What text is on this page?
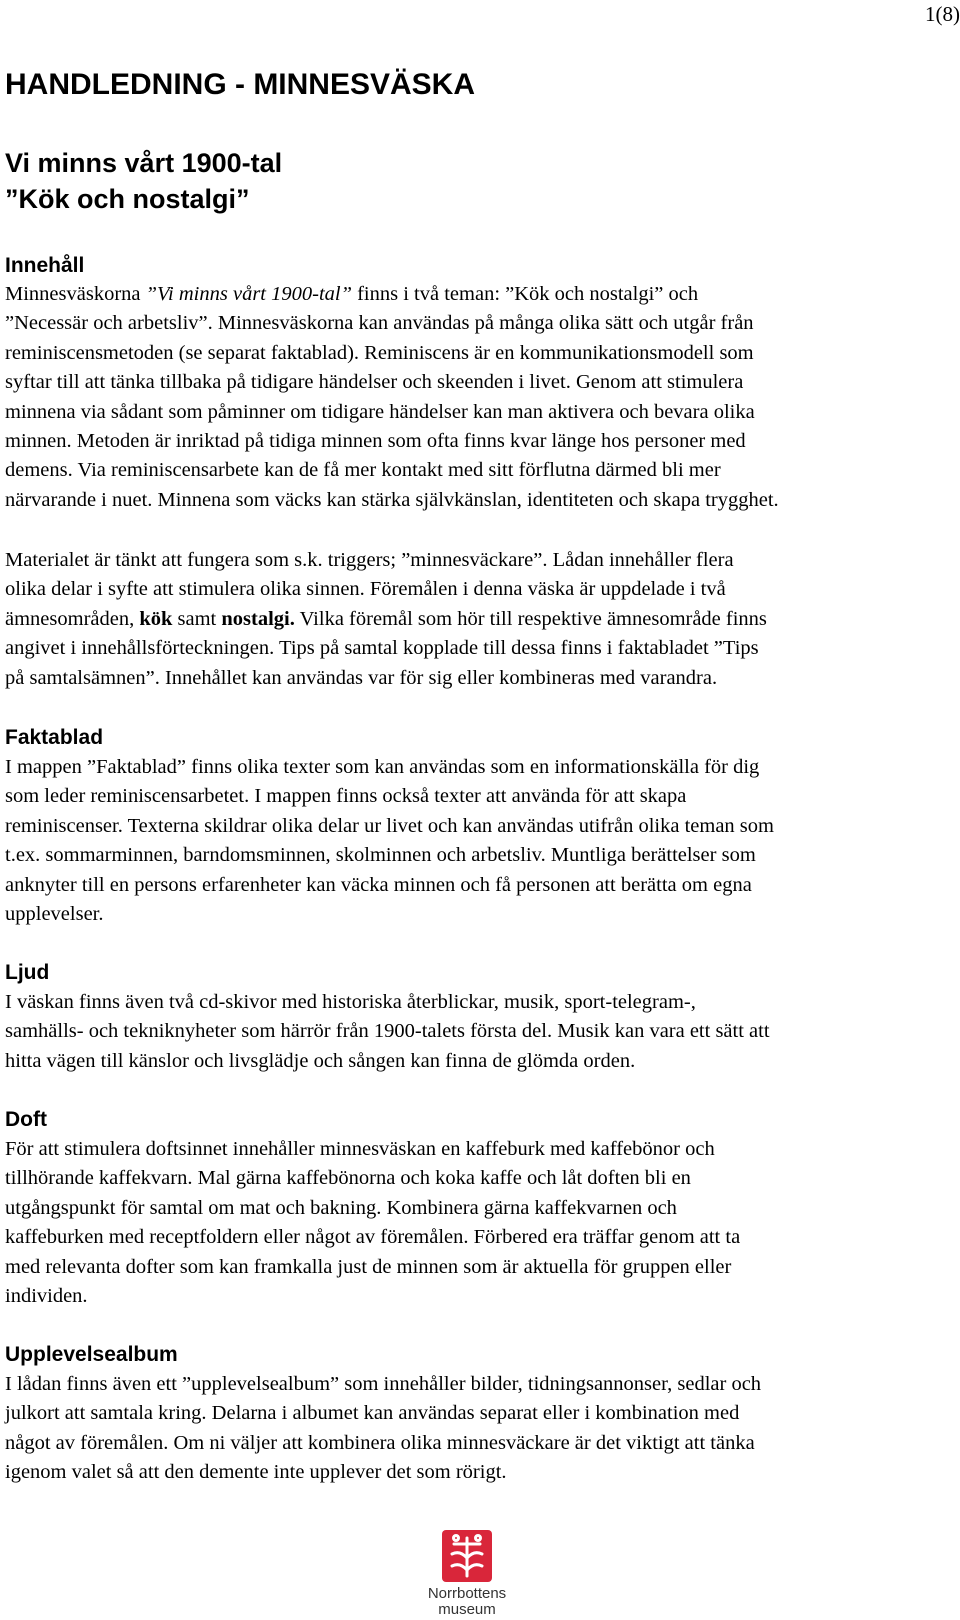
1(8)
HANDLEDNING - MINNESVÄSKA
Vi minns vårt 1900-tal
”Kök och nostalgi”
Innehåll
Minnesväskorna ”Vi minns vårt 1900-tal” finns i två teman: ”Kök och nostalgi” och
”Necessär och arbetsliv”. Minnesväskorna kan användas på många olika sätt och utgår från
reminiscensmetoden (se separat faktablad). Reminiscens är en kommunikationsmodell som
syftar till att tänka tillbaka på tidigare händelser och skeenden i livet. Genom att stimulera
minnena via sådant som påminner om tidigare händelser kan man aktivera och bevara olika
minnen. Metoden är inriktad på tidiga minnen som ofta finns kvar länge hos personer med
demens. Via reminiscensarbete kan de få mer kontakt med sitt förflutna därmed bli mer
närvarande i nuet. Minnena som väcks kan stärka självkänslan, identiteten och skapa trygghet.
Materialet är tänkt att fungera som s.k. triggers; ”minnesväckare”. Lådan innehåller flera
olika delar i syfte att stimulera olika sinnen. Föremålen i denna väska är uppdelade i två
ämnesområden, kök samt nostalgi. Vilka föremål som hör till respektive ämnesområde finns
angivet i innehållsförteckningen. Tips på samtal kopplade till dessa finns i faktabladet ”Tips
på samtalsämnen”. Innehållet kan användas var för sig eller kombineras med varandra.
Faktablad
I mappen ”Faktablad” finns olika texter som kan användas som en informationskälla för dig
som leder reminiscensarbetet. I mappen finns också texter att använda för att skapa
reminiscenser. Texterna skildrar olika delar ur livet och kan användas utifrån olika teman som
t.ex. sommarminnen, barndomsminnen, skolminnen och arbetsliv. Muntliga berättelser som
anknyter till en persons erfarenheter kan väcka minnen och få personen att berätta om egna
upplevelser.
Ljud
I väskan finns även två cd-skivor med historiska återblickar, musik, sport-telegram-,
samhälls- och tekniknyheter som härrör från 1900-talets första del. Musik kan vara ett sätt att
hitta vägen till känslor och livsglädje och sången kan finna de glömda orden.
Doft
För att stimulera doftsinnet innehåller minnesväskan en kaffeburk med kaffebönor och
tillhörande kaffekvarn. Mal gärna kaffebönorna och koka kaffe och låt doften bli en
utgångspunkt för samtal om mat och bakning. Kombinera gärna kaffekvarnen och
kaffeburken med receptfoldern eller något av föremålen. Förbered era träffar genom att ta
med relevanta dofter som kan framkalla just de minnen som är aktuella för gruppen eller
individen.
Upplevelsealbum
I lådan finns även ett ”upplevelsealbum” som innehåller bilder, tidningsannonser, sedlar och
julkort att samtala kring. Delarna i albumet kan användas separat eller i kombination med
något av föremålen. Om ni väljer att kombinera olika minnesväckare är det viktigt att tänka
igenom valet så att den demente inte upplever det som rörigt.
Norrbottens
museum
